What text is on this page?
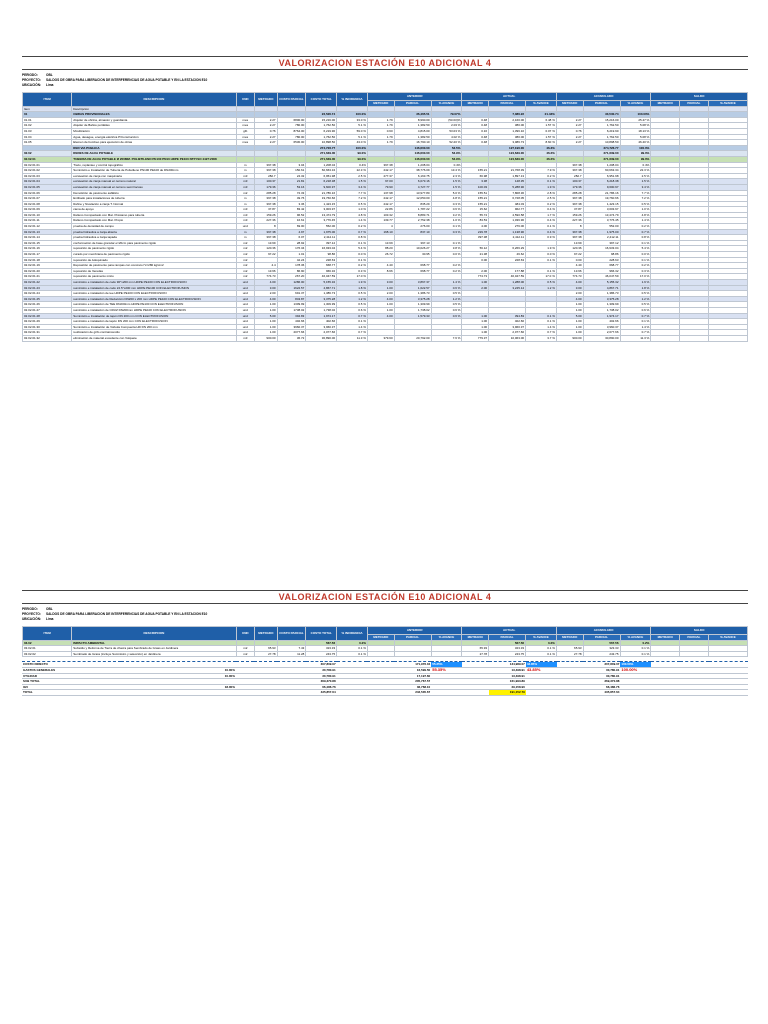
VALORIZACION ESTACIÓN E10 ADICIONAL 4
PERIODO:	OBL
PROYECTO: SALDOS DE OBRA PARA LIBERACION DE INTERFERENCIAS DE AGUA POTABLE Y EN LA ESTACION E10
UBICACIÓN: Lima
ITEM	DESCRIPCION	UND	METRADO	COSTO PARCIAL	COSTO TOTAL	% INCIDENCIA	ANTERIOR			ACTUAL			ACUMULADO			SALDO		
							METRADO	PARCIAL	% AVANCE	METRADO	PARCIAL	% AVANCE	METRADO	PARCIAL	% AVANCE	METRADO	PARCIAL	% AVANCE
Item	Descripcion																	
01	OBRAS PROVISIONALES				22,526.74	100.0%		36,465.51	79.07%		7,086.22	21.43%		33,530.74	100.00%			
01.01	Alquiler de oficina, almacén y guardianía	mes	2.27	6800.00	15,216.00	33.0 %	1.79	8,990.00	(53.03)%	0.48	2,160.00	6.48 %	2.27	15,216.00	25.47 %			
01.02	Alquiler de Baños portátiles	mes	2.27	780.00	1,762.50	5.1 %	1.79	1,382.50	2.03 %	0.48	380.00	1.57 %	2.27	1,762.50	5.08 %			
01.03	Movilización	glb	0.76	8764.00	6,219.90	59.0 %	0.60	4,815.00	53.03 %	0.16	1,396.10	0.07 %	0.76	6,219.90	18.13 %			
01.04	Agua, desague, energía eléctrica P/Construcción	mes	2.27	780.00	1,762.50	5.1 %	1.79	1,382.50	4.02 %	0.48	380.00	1.57 %	2.27	1,762.50	5.08 %			
01.05	Elemen de bombeo para ejecución de obras	mes	2.27	6530.00	10,898.50	43.0 %	1.79	16,790.10	52.20 %	0.48	3,086.73	8.60 %	2.27	10,898.50	46.40 %			
	RED VIA PUBLICA				274,726.77	100.0%		146,600.00	53.5%		127,196.00	46.3%		274,726.77	100.0%			
02.02	REDES DE AGUA POTABLE				271,639.00	99.0%		146,600.00	53.9%		124,639.00	46.2%		271,639.00	99.0%			
02.02.01	TUBERIA DE AGUA POTABLE Ø 200MM. POLIETILENO PE100 PN10 HDPE PE100 NTP ISO 4427:2008				271,639.00	99.0%		146,600.00	53.9%		124,639.00	46.2%		271,639.00	99.0%			
02.02.01.01	Trazo, replanteo y control topográfico	m	397.38	3.04	1,208.04	0.4%	397.38	1,208.04	0.4%				397.38	1,208.04	0.4%			
02.02.01.02	Suministro e Instalación de Tubería de Polietileno PN100 PE100 de DN200mm	m	397.38	150.61	60,663.34	22.3 %	242.17	38,776.09	13.4 %	155.21	21,768.39	7.9 %	397.38	60,663.34	22.3 %			
02.02.01.03	excavación de zanja con maquinaria	m3	282.7	24.32	6,951.98	2.5 %	277.37	6,163.75	2.3 %	66.98	1,897.13	0.2 %	282.7	6,951.98	2.5 %			
02.02.01.04	excavación de zanja manual en terreno natural	m3	100.37	21.81	6,218.38	1.5 %	97.00	6,073.16	1.5 %	3.38	148.35	0.1 %	100.37	6,218.38	1.5 %			
02.02.01.05	excavación de zanja manual en terreno semirrocoso	m3	179.36	53.16	9,600.97	3.4 %	79.90	4,727.77	1.5 %	100.03	5,288.90	1.9 %	179.36	9,600.97	3.4 %			
02.02.01.06	Demolición de pavimento asfáltico	m2	285.28	72.33	21,786.16	7.7 %	137.98	13,977.80	5.0 %	155.51	7,808.36	2.8 %	285.28	21,786.16	7.7 %			
02.02.01.07	Entibado para instalaciones de tubería	m	397.38	49.76	19,760.66	7.2 %	242.17	12,050.00	4.8 %	155.21	6,728.05	2.5 %	397.38	19,760.66	7.2 %			
02.02.01.08	Refine y Nivelación a zanja T. Normal	m	397.38	3.36	1,423.15	0.5 %	242.17	835.29	0.3 %	155.21	484.03	0.2 %	397.38	1,423.15	0.5 %			
02.02.01.09	cama de apoyo	m3	37.87	83.42	3,003.97	1.0 %	22.86	1,787.22	0.6 %	15.62	962.77	0.4 %	37.87	3,003.97	1.0 %			
02.02.01.10	Relleno Compactado con Mat. Préstamo para tubería	m3	159.26	96.52	13,474.79	4.8 %	103.32	8,883.71	3.2 %	55.74	4,590.58	1.7 %	159.26	13,474.79	4.8 %			
02.02.01.11	Relleno Compactado con Mat. Propio	m3	227.36	16.61	3,776.45	1.4 %	139.77	2,752.38	1.0 %	83.53	1,036.96	0.4 %	227.36	3,776.45	1.4 %			
02.02.01.12	prueba de densidad de campo	und	8	69.00	552.00	0.2 %	4	276.00	0.1 %	4.00	276.00	0.1 %	8	552.00	0.2 %			
02.02.01.13	prueba hidraulica a zanja abierta	m	397.38	4.97	1,975.00	0.7 %	168.10	837.10	0.3 %	229.78	1,138.90	0.4 %	397.38	1,975.00	0.7 %			
02.02.01.14	prueba hidraulica a zanja tapada	m	397.38	6.07	2,412.11	0.8 %				397.38	2,412.11	0.9 %	397.38	2,412.11	0.8 %			
02.02.01.15	conformación de base granular e=20cm para pavimento rígido	m2	13.69	28.92	397.12	0.1 %	13.69	397.13	0.1 %				13.69	397.12	0.1 %			
02.02.01.16	reposición de pavimento rígido	m2	120.36	176.34	16,933.04	5.4 %	88.20	10,026.27	3.8 %	56.12	6,266.29	1.9 %	120.36	16,933.04	5.4 %			
02.02.01.17	curado por membrana de pavimento rígido	m2	97.22	1.01	98.86	0.0 %	26.72	30.95	0.0 %	21.38	46.62	0.0 %	97.22	98.86	0.0 %			
02.02.01.18	reposición de Adoquinado	m2		42.24	228.63	0.1 %				0.00	228.63	0.1 %	0.00	228.63	0.1 %			
02.02.01.19	Reposición de pavimento para rampas con concreto f'c=280 kg/cm2	m2	4.4	178.36	668.77	0.2 %	4.40	668.77	0.2 %				4.40	668.77	0.2 %			
02.02.01.20	reposición de Veredas	m2	13.66	86.90	966.32	0.3 %	8.66	668.77	0.2 %	2.00	177.88	0.1 %	13.66	966.32	0.3 %			
02.02.01.21	reposición de pavimento mixto	m2	774.73	267.20	46,047.59	17.0 %				774.73	46,047.59	17.0 %	774.73	46,047.59	17.0 %			
02.02.01.22	suministro e instalación de codo 90°x200 mm HDPE PE100 CON ELECTROFUSION	und	4.00	1286.00	5,155.32	1.9 %	3.00	3,867.37	1.4 %	1.00	1,288.00	0.5 %	4.00	5,155.32	1.9 %			
02.02.01.23	suministro e instalación de codo 22.5°x200 mm HDPE PE100 CON ELECTROFUSION	und	3.00	1622.57	4,867.71	1.8 %	1.00	1,622.57	0.6 %	2.00	3,245.14	1.2 %	3.00	4,867.71	1.8 %			
02.02.01.24	suministro e instalación de tee HDPE PE100 CON ELECTROFUSION	und	2.00	691.37	1,386.73	0.5 %	2.00	1,386.73	0.5 %				2.00	1,386.73	0.5 %			
02.02.01.25	suministro e instalación de Reducción DN200 x 200 mm HDPE PE100 CON ELECTROFUSION	und	4.00	843.87	3,375.28	1.2 %	4.00	3,375.28	1.2 %				4.00	3,375.28	1.2 %			
02.02.01.26	suministro e instalación de TEE DN200mm HDPE PE100 CON ELECTROFUSION	und	1.00	1309.99	1,309.99	0.5 %	1.00	1,309.99	0.5 %				1.00	1,309.99	0.5 %			
02.02.01.27	suministro e instalación de CRUZ DN200mm HDPE PE100 CON ELECTROFUSION	und	1.00	1738.02	1,738.02	0.6 %	1.00	1,738.02	0.6 %				1.00	1,738.02	0.6 %			
02.02.01.28	Suministro e Instalación de tapón DN 200 mm CON ELECTROFUSION	und	5.00	394.83	1,974.17	0.7 %	4.00	1,579.33	0.6 %	1.00	394.83	0.1 %	5.00	1,974.17	0.7 %			
02.02.01.29	suministro e instalación de tapón DN 200 mm CON ELECTROFUSION	und	1.00	402.66	402.66	0.1 %				1.00	402.66	0.1 %	1.00	402.66	0.1 %			
02.02.01.30	Suministro e Instalación de Válvula Compuerta HD DN 200 mm	und	1.00	3960.37	3,960.37	1.4 %				1.00	3,960.37	1.4 %	1.00	3,960.37	1.4 %			
02.02.01.31	reubicación de grifo contraincendio	und	1.00	2077.66	2,077.66	0.7 %				1.00	2,077.66	0.7 %	1.00	2,077.66	0.7 %			
02.02.01.32	eliminación de material excedente con Volquete	m3	900.00	36.72	30,890.00	11.3 %	379.60	20,792.00	7.6 %	779.37	10,063.00	3.7 %	900.00	30,890.00	11.3 %			
VALORIZACION ESTACIÓN E10 ADICIONAL 4
PERIODO:	OBL
PROYECTO: SALDOS DE OBRA PARA LIBERACION DE INTERFERENCIAS DE AGUA POTABLE Y EN LA ESTACION E10
UBICACIÓN: Lima
ITEM	DESCRIPCION	UND	METRADO	COSTO PARCIAL	COSTO TOTAL	% INCIDENCIA	ANTERIOR			ACTUAL			ACUMULADO			SALDO		
							METRADO	PARCIAL	% AVANCE	METRADO	PARCIAL	% AVANCE	METRADO	PARCIAL	% AVANCE	METRADO	PARCIAL	% AVANCE
03.02	IMPACTO AMBIENTAL				567.56	0.2%					567.56	0.2%		567.56	0.2%			
03.02.01	Subsidio y Reforma de Tierra de chacra para Sembrado de Grass en Jardinera	m2	65.93	7.43	323.33	0.1 %				65.93	323.33	0.1 %	65.93	323.33	0.1 %			
03.02.02	Sembrado de Grass (incluye Suministro y selección) en Jardinera	m2	27.78	11.28	243.75	0.1 %				27.78	243.75	0.1 %	27.78	243.75	0.1 %			
COSTO DIRECTO					307,809.07			171,976.04	55.35%		134,989.07	43.85%		307,809.07	100.00%			
GASTOS GENERALES	10.00%				30,780.91			16,599.50	55.35%		13,498.91	43.85%		30,780.91	100.00%			
UTILIDAD	10.00%				30,780.91			17,197.60			13,498.91			30,780.91				
SUB TOTAL					369,370.88			205,767.57			161,993.89			369,370.88				
IGV	18.00%				66,486.76			36,768.10			29,158.90			66,486.76				
TOTAL					435,857.64			242,535.67			191,152.79			435,857.64				
